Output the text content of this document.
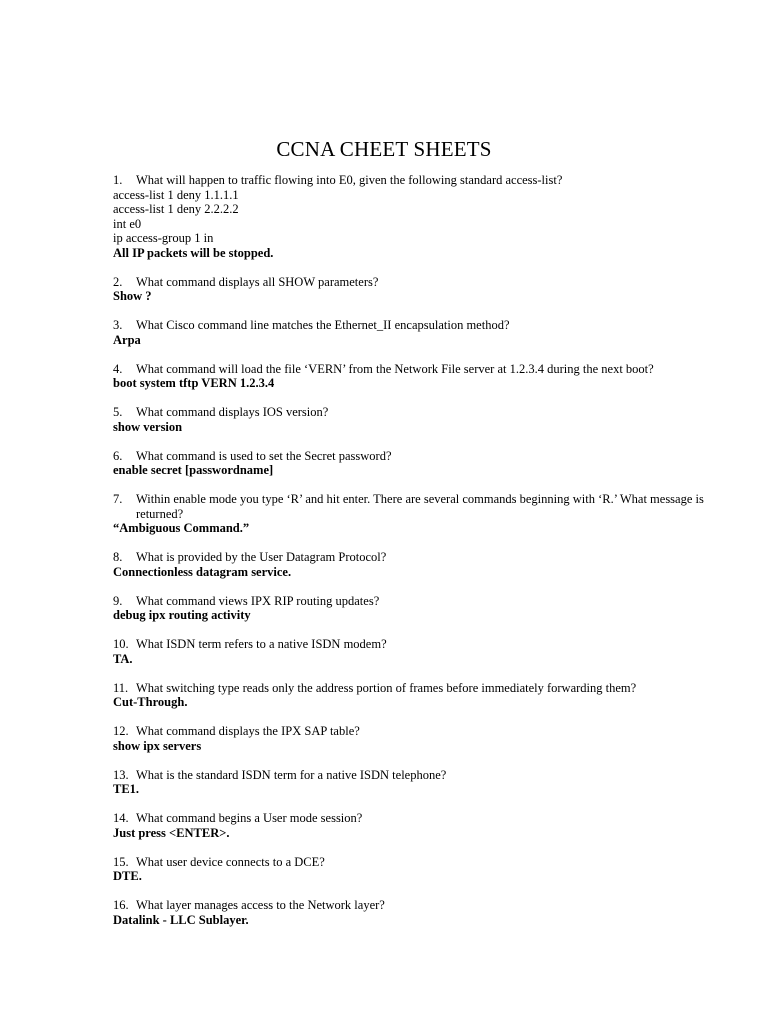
CCNA CHEET SHEETS
1.	What will happen to traffic flowing into E0, given the following standard access-list?
access-list 1 deny 1.1.1.1
access-list 1 deny 2.2.2.2
int e0
ip access-group 1 in
All IP packets will be stopped.
2.	What command displays all SHOW parameters?
Show ?
3.	What Cisco command line matches the Ethernet_II encapsulation method?
Arpa
4.	What command will load the file ‘VERN’ from the Network File server at 1.2.3.4 during the next boot?
boot system tftp VERN 1.2.3.4
5.	What command displays IOS version?
show version
6.	What command is used to set the Secret password?
enable secret [passwordname]
7.	Within enable mode you type ‘R’ and hit enter. There are several commands beginning with ‘R.’ What message is returned?
“Ambiguous Command.”
8.	What is provided by the User Datagram Protocol?
Connectionless datagram service.
9.	What command views IPX RIP routing updates?
debug ipx routing activity
10. What ISDN term refers to a native ISDN modem?
TA.
11. What switching type reads only the address portion of frames before immediately forwarding them?
Cut-Through.
12. What command displays the IPX SAP table?
show ipx servers
13. What is the standard ISDN term for a native ISDN telephone?
TE1.
14. What command begins a User mode session?
Just press <ENTER>.
15. What user device connects to a DCE?
DTE.
16. What layer manages access to the Network layer?
Datalink - LLC Sublayer.
